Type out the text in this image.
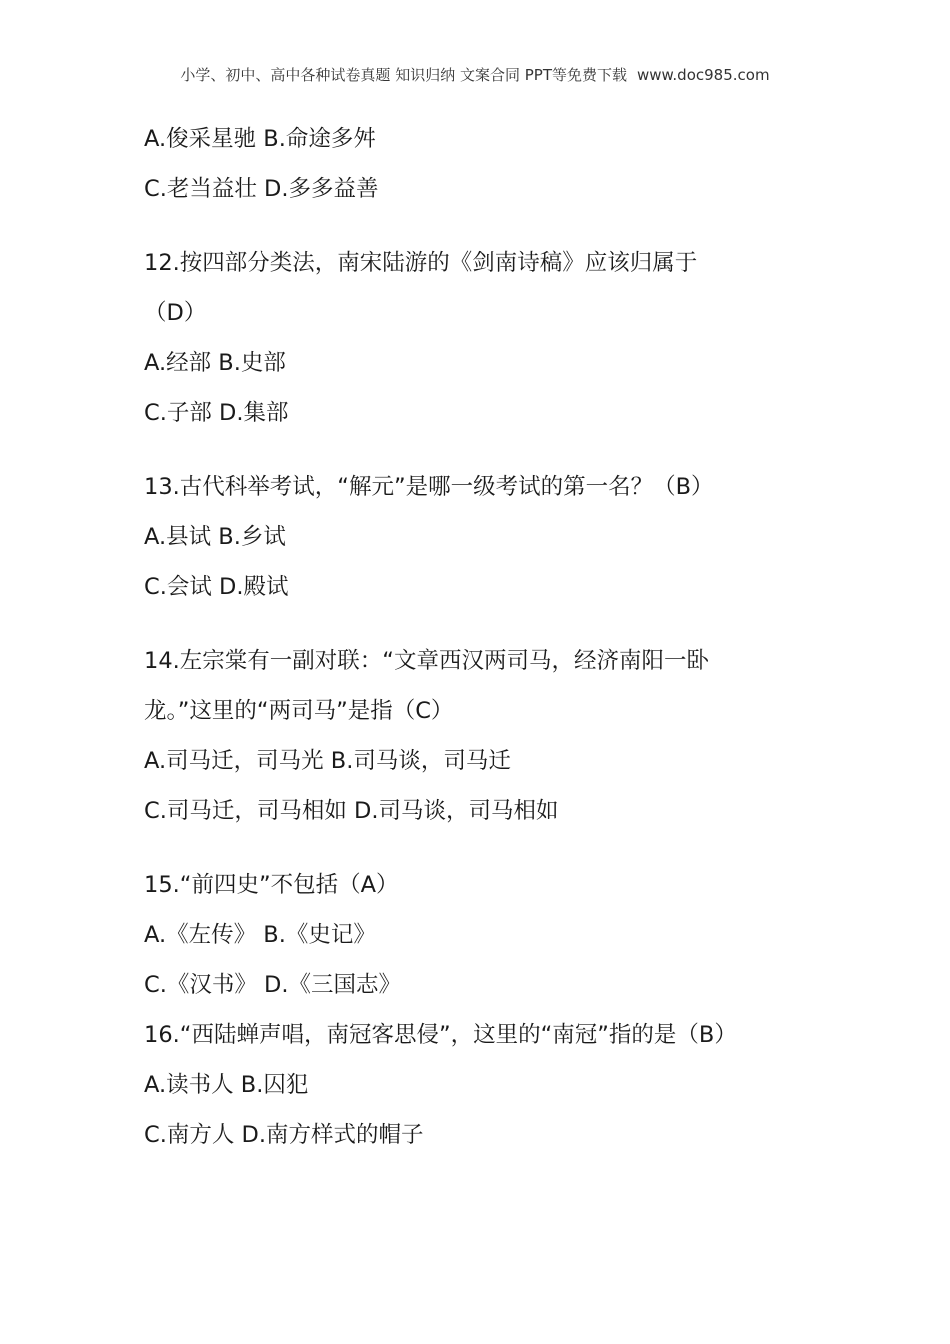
小学、初中、高中各种试卷真题 知识归纳 文案合同 PPT等免费下载 www.doc985.com
A.俊采星驰 B.命途多舛
C.老当益壮 D.多多益善
12.按四部分类法，南宋陆游的《剑南诗稿》应该归属于
（D）
A.经部 B.史部
C.子部 D.集部
13.古代科举考试，“解元”是哪一级考试的第一名？（B）
A.县试 B.乡试
C.会试 D.殿试
14.左宗棠有一副对联：“文章西汉两司马，经济南阳一卧
龙。”这里的“两司马”是指（C）
A.司马迁，司马光 B.司马谈，司马迁
C.司马迁，司马相如 D.司马谈，司马相如
15.“前四史”不包括（A）
A.《左传》 B.《史记》
C.《汉书》 D.《三国志》
16.“西陆蝉声唱，南冠客思侵”，这里的“南冠”指的是（B）
A.读书人 B.囚犯
C.南方人 D.南方样式的帽子
